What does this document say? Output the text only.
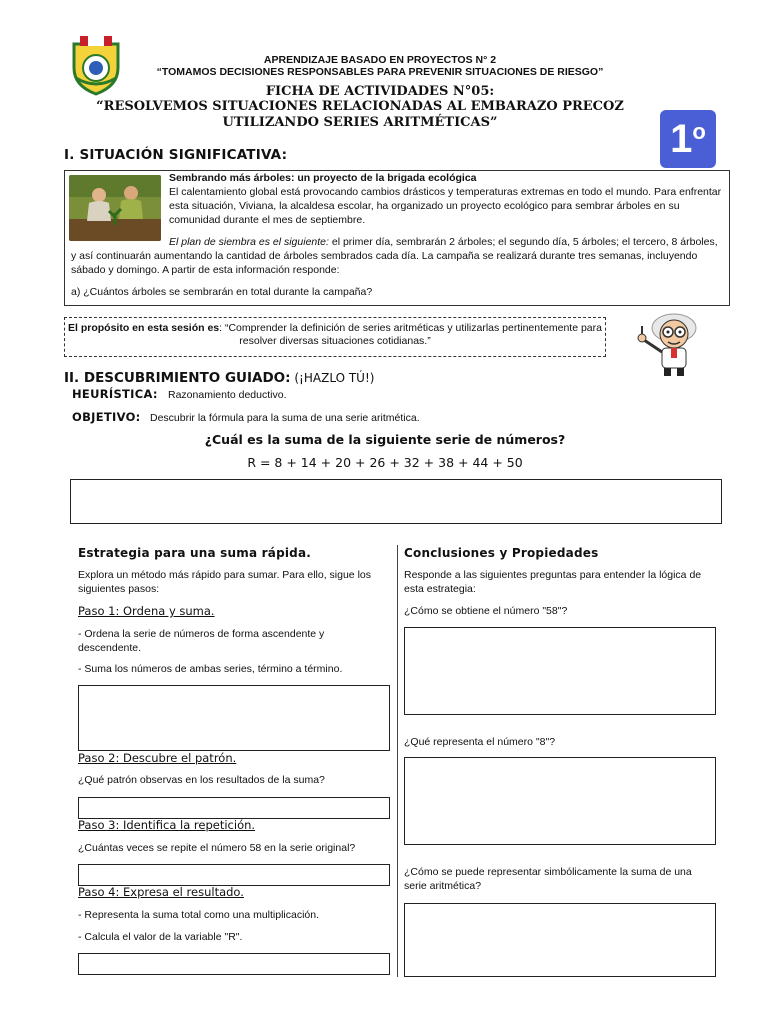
APRENDIZAJE BASADO EN PROYECTOS N° 2
“TOMAMOS DECISIONES RESPONSABLES PARA PREVENIR SITUACIONES DE RIESGO”
FICHA DE ACTIVIDADES N°05:
“RESOLVEMOS SITUACIONES RELACIONADAS AL EMBARAZO PRECOZ
UTILIZANDO SERIES ARITMÉTICAS”	1 o
I. SITUACIÓN SIGNIFICATIVA:
Sembrando más árboles: un proyecto de la brigada ecológica
El calentamiento global está provocando cambios drásticos y temperaturas extremas en todo el mundo. Para enfrentar esta situación, Viviana, la alcaldesa escolar, ha organizado un proyecto ecológico para sembrar árboles en su comunidad durante el mes de septiembre.
El plan de siembra es el siguiente: el primer día, sembrarán 2 árboles; el segundo día, 5 árboles; el tercero, 8 árboles, y así continuarán aumentando la cantidad de árboles sembrados cada día. La campaña se realizará durante tres semanas, incluyendo sábado y domingo. A partir de esta información responde:
a) ¿Cuántos árboles se sembrarán en total durante la campaña?
El propósito en esta sesión es: “Comprender la definición de series aritméticas y utilizarlas pertinentemente para resolver diversas situaciones cotidianas.”
II. DESCUBRIMIENTO GUIADO: (¡HAZLO TÚ!)
HEURÍSTICA: Razonamiento deductivo.
OBJETIVO: Descubrir la fórmula para la suma de una serie aritmética.
¿Cuál es la suma de la siguiente serie de números?
R = 8 + 14 + 20 + 26 + 32 + 38 + 44 + 50
Estrategia para una suma rápida.
Explora un método más rápido para sumar. Para ello, sigue los siguientes pasos:
Paso 1: Ordena y suma.
- Ordena la serie de números de forma ascendente y descendente.
- Suma los números de ambas series, término a término.
Paso 2: Descubre el patrón.
¿Qué patrón observas en los resultados de la suma?
Paso 3: Identifica la repetición.
¿Cuántas veces se repite el número 58 en la serie original?
Paso 4: Expresa el resultado.
- Representa la suma total como una multiplicación.
- Calcula el valor de la variable "R".
Conclusiones y Propiedades
Responde a las siguientes preguntas para entender la lógica de esta estrategia:
¿Cómo se obtiene el número "58"?
¿Qué representa el número "8"?
¿Cómo se puede representar simbólicamente la suma de una serie aritmética?
